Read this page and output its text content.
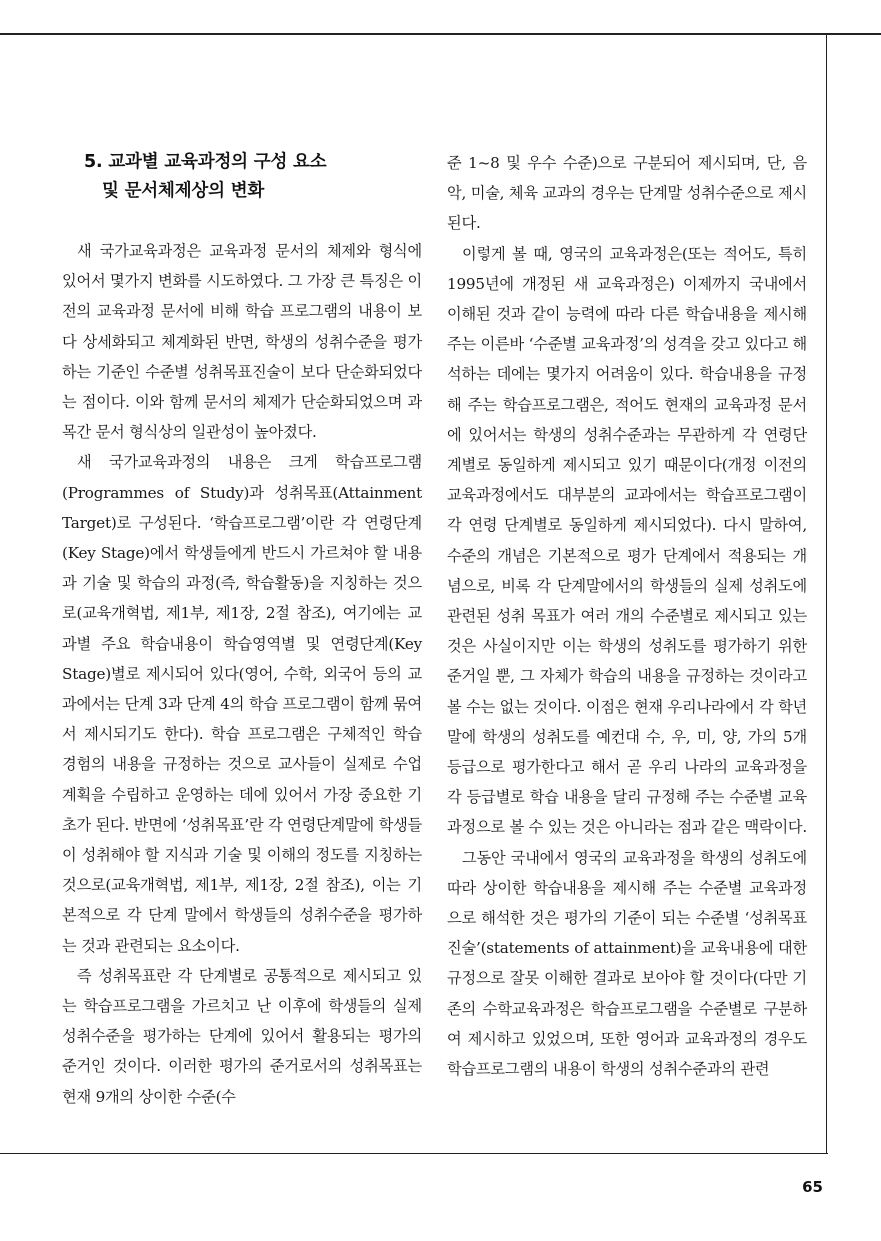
5. 교과별 교육과정의 구성 요소
및 문서체제상의 변화

새 국가교육과정은 교육과정 문서의 체제와 형식에 있어서 몇가지 변화를 시도하였다. 그 가장 큰 특징은 이전의 교육과정 문서에 비해 학습 프로그램의 내용이 보다 상세화되고 체계화된 반면, 학생의 성취수준을 평가하는 기준인 수준별 성취목표진술이 보다 단순화되었다는 점이다. 이와 함께 문서의 체제가 단순화되었으며 과목간 문서 형식상의 일관성이 높아졌다.

새 국가교육과정의 내용은 크게 학습프로그램(Programmes of Study)과 성취목표(Attainment Target)로 구성된다. ‘학습프로그램’이란 각 연령단계(Key Stage)에서 학생들에게 반드시 가르쳐야 할 내용과 기술 및 학습의 과정(즉, 학습활동)을 지칭하는 것으로(교육개혁법, 제1부, 제1장, 2절 참조), 여기에는 교과별 주요 학습내용이 학습영역별 및 연령단계(Key Stage)별로 제시되어 있다(영어, 수학, 외국어 등의 교과에서는 단계 3과 단계 4의 학습 프로그램이 함께 묶여서 제시되기도 한다). 학습 프로그램은 구체적인 학습 경험의 내용을 규정하는 것으로 교사들이 실제로 수업계획을 수립하고 운영하는 데에 있어서 가장 중요한 기초가 된다. 반면에 ‘성취목표’란 각 연령단계말에 학생들이 성취해야 할 지식과 기술 및 이해의 정도를 지칭하는 것으로(교육개혁법, 제1부, 제1장, 2절 참조), 이는 기본적으로 각 단계 말에서 학생들의 성취수준을 평가하는 것과 관련되는 요소이다.

즉 성취목표란 각 단계별로 공통적으로 제시되고 있는 학습프로그램을 가르치고 난 이후에 학생들의 실제 성취수준을 평가하는 단계에 있어서 활용되는 평가의 준거인 것이다. 이러한 평가의 준거로서의 성취목표는 현재 9개의 상이한 수준(수

준 1~8 및 우수 수준)으로 구분되어 제시되며, 단, 음악, 미술, 체육 교과의 경우는 단계말 성취수준으로 제시된다.

이렇게 볼 때, 영국의 교육과정은(또는 적어도, 특히 1995년에 개정된 새 교육과정은) 이제까지 국내에서 이해된 것과 같이 능력에 따라 다른 학습내용을 제시해 주는 이른바 ‘수준별 교육과정’의 성격을 갖고 있다고 해석하는 데에는 몇가지 어려움이 있다. 학습내용을 규정해 주는 학습프로그램은, 적어도 현재의 교육과정 문서에 있어서는 학생의 성취수준과는 무관하게 각 연령단계별로 동일하게 제시되고 있기 때문이다(개정 이전의 교육과정에서도 대부분의 교과에서는 학습프로그램이 각 연령 단계별로 동일하게 제시되었다). 다시 말하여, 수준의 개념은 기본적으로 평가 단계에서 적용되는 개념으로, 비록 각 단계말에서의 학생들의 실제 성취도에 관련된 성취 목표가 여러 개의 수준별로 제시되고 있는 것은 사실이지만 이는 학생의 성취도를 평가하기 위한 준거일 뿐, 그 자체가 학습의 내용을 규정하는 것이라고 볼 수는 없는 것이다. 이점은 현재 우리나라에서 각 학년말에 학생의 성취도를 예컨대 수, 우, 미, 양, 가의 5개 등급으로 평가한다고 해서 곧 우리 나라의 교육과정을 각 등급별로 학습 내용을 달리 규정해 주는 수준별 교육과정으로 볼 수 있는 것은 아니라는 점과 같은 맥락이다.

그동안 국내에서 영국의 교육과정을 학생의 성취도에 따라 상이한 학습내용을 제시해 주는 수준별 교육과정으로 해석한 것은 평가의 기준이 되는 수준별 ‘성취목표 진술’(statements of attainment)을 교육내용에 대한 규정으로 잘못 이해한 결과로 보아야 할 것이다(다만 기존의 수학교육과정은 학습프로그램을 수준별로 구분하여 제시하고 있었으며, 또한 영어과 교육과정의 경우도 학습프로그램의 내용이 학생의 성취수준과의 관련

65
